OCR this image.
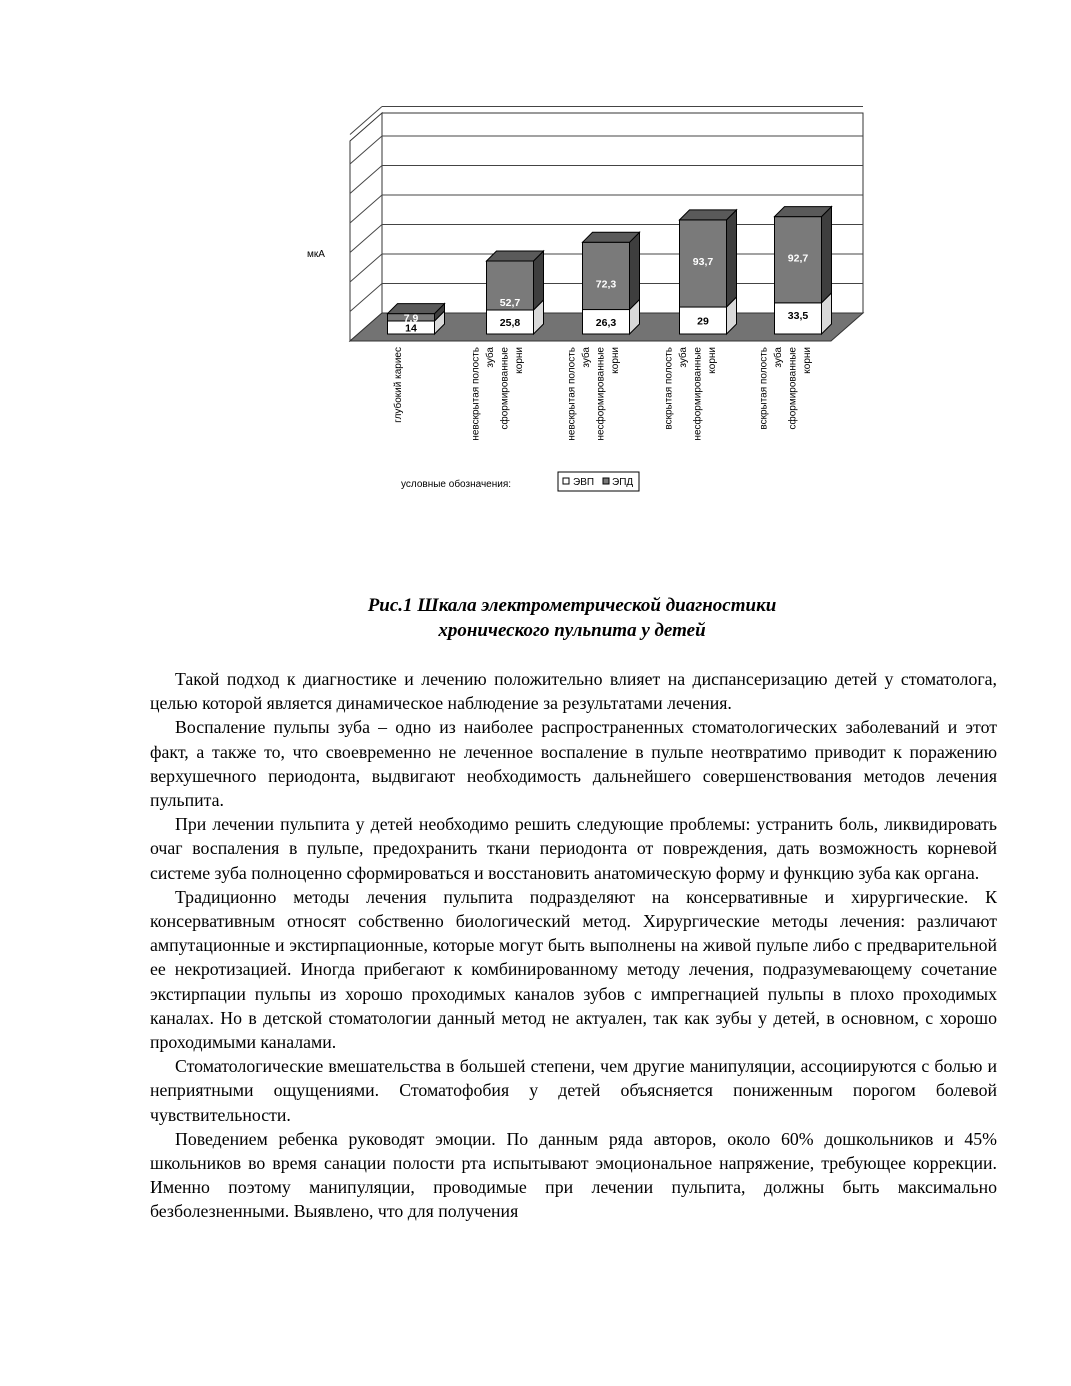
мкА
14
7,9	25,8
52,7
26,3
72,3
29
93,7
33,5
92,7
глубокий кариес	невскрытая полость зуба сформированные корни	невскрытая полость зуба несформированные корни	вскрытая полость зуба несформированные корни	вскрытая полость зуба сформированные корни
условные обозначения:	ЭВП ЭПД
Рис.1 Шкала электрометрической диагностики
хронического пульпита у детей

Такой подход к диагностике и лечению положительно влияет на диспансеризацию детей у стоматолога, целью которой является динамическое наблюдение за результатами лечения.

Воспаление пульпы зуба – одно из наиболее распространенных стоматологических заболеваний и этот факт, а также то, что своевременно не леченное воспаление в пульпе неотвратимо приводит к поражению верхушечного периодонта, выдвигают необходимость дальнейшего совершенствования методов лечения пульпита.

При лечении пульпита у детей необходимо решить следующие проблемы: устранить боль, ликвидировать очаг воспаления в пульпе, предохранить ткани периодонта от повреждения, дать возможность корневой системе зуба полноценно сформироваться и восстановить анатомическую форму и функцию зуба как органа.

Традиционно методы лечения пульпита подразделяют на консервативные и хирургические. К консервативным относят собственно биологический метод. Хирургические методы лечения: различают ампутационные и экстирпационные, которые могут быть выполнены на живой пульпе либо с предварительной ее некротизацией. Иногда прибегают к комбинированному методу лечения, подразумевающему сочетание экстирпации пульпы из хорошо проходимых каналов зубов с импрегнацией пульпы в плохо проходимых каналах. Но в детской стоматологии данный метод не актуален, так как зубы у детей, в основном, с хорошо проходимыми каналами.

Стоматологические вмешательства в большей степени, чем другие манипуляции, ассоциируются с болью и неприятными ощущениями. Стоматофобия у детей объясняется пониженным порогом болевой чувствительности.

Поведением ребенка руководят эмоции. По данным ряда авторов, около 60% дошкольников и 45% школьников во время санации полости рта испытывают эмоциональное напряжение, требующее коррекции. Именно поэтому манипуляции, проводимые при лечении пульпита, должны быть максимально безболезненными. Выявлено, что для получения
